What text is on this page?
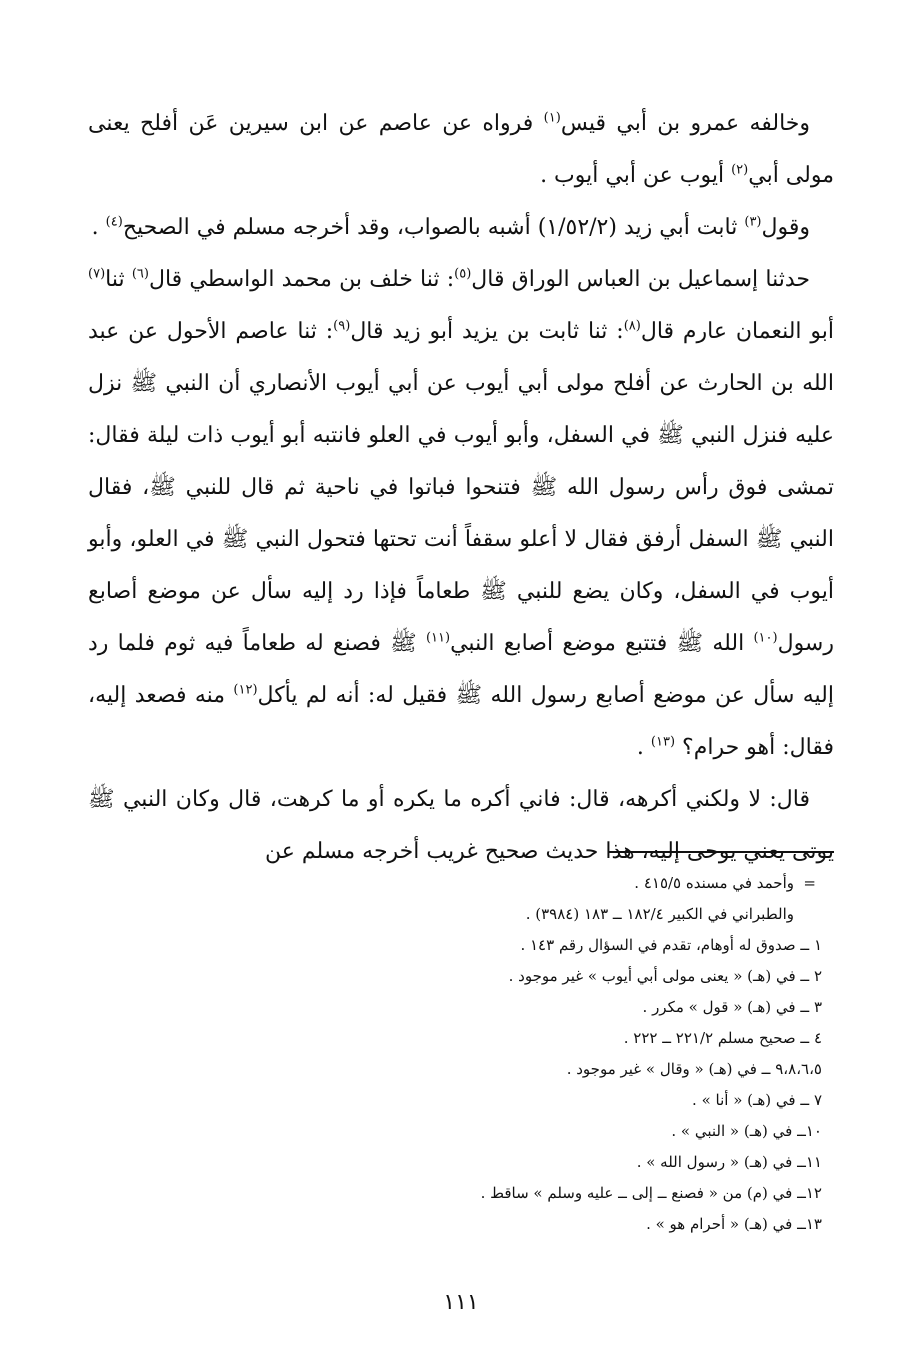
وخالفه عمرو بن أبي قيس$^{(١)}$ فرواه عن عاصم عن ابن سيرين عَن أفلح يعنى مولى أبي$^{(٢)}$ أيوب عن أبي أيوب .

وقول$^{(٣)}$ ثابت أبي زيد (١/٥٢/٢) أشبه بالصواب، وقد أخرجه مسلم في الصحيح$^{(٤)}$ .

حدثنا إسماعيل بن العباس الوراق قال$^{(٥)}$: ثنا خلف بن محمد الواسطي قال$^{(٦)}$ ثنا$^{(٧)}$ أبو النعمان عارم قال$^{(٨)}$: ثنا ثابت بن يزيد أبو زيد قال$^{(٩)}$: ثنا عاصم الأحول عن عبد الله بن الحارث عن أفلح مولى أبي أيوب عن أبي أيوب الأنصاري أن النبي ﷺ نزل عليه فنزل النبي ﷺ في السفل، وأبو أيوب في العلو فانتبه أبو أيوب ذات ليلة فقال: تمشى فوق رأس رسول الله ﷺ فتنحوا فباتوا في ناحية ثم قال للنبي ﷺ، فقال النبي ﷺ السفل أرفق فقال لا أعلو سقفاً أنت تحتها فتحول النبي ﷺ في العلو، وأبو أيوب في السفل، وكان يضع للنبي ﷺ طعاماً فإذا رد إليه سأل عن موضع أصابع رسول$^{(١٠)}$ الله ﷺ فتتبع موضع أصابع النبي$^{(١١)}$ ﷺ فصنع له طعاماً فيه ثوم فلما رد إليه سأل عن موضع أصابع رسول الله ﷺ فقيل له: أنه لم يأكل$^{(١٢)}$ منه فصعد إليه، فقال: أهو حرام؟ $^{(١٣)}$ .

قال: لا ولكني أكرهه، قال: فاني أكره ما يكره أو ما كرهت، قال وكان النبي ﷺ يوتى يعني يوحى إليه، هذا حديث صحيح غريب أخرجه مسلم عن

=وأحمد في مسنده ٤١٥/٥ .
والطبراني في الكبير ١٨٢/٤ ــ ١٨٣ (٣٩٨٤) .
١ ــ صدوق له أوهام، تقدم في السؤال رقم ١٤٣ .
٢ ــ في (هـ) « يعنى مولى أبي أيوب » غير موجود .
٣ ــ في (هـ) « قول » مكرر .
٤ ــ صحيح مسلم ٢٢١/٢ ــ ٢٢٢ .
٩،٨،٦،٥ ــ في (هـ) « وقال » غير موجود .
٧ ــ في (هـ) « أنا » .
١٠ــ في (هـ) « النبي » .
١١ــ في (هـ) « رسول الله » .
١٢ــ في (م) من « فصنع ــ إلى ــ عليه وسلم » ساقط .
١٣ــ في (هـ) « أحرام هو » .
١١١
